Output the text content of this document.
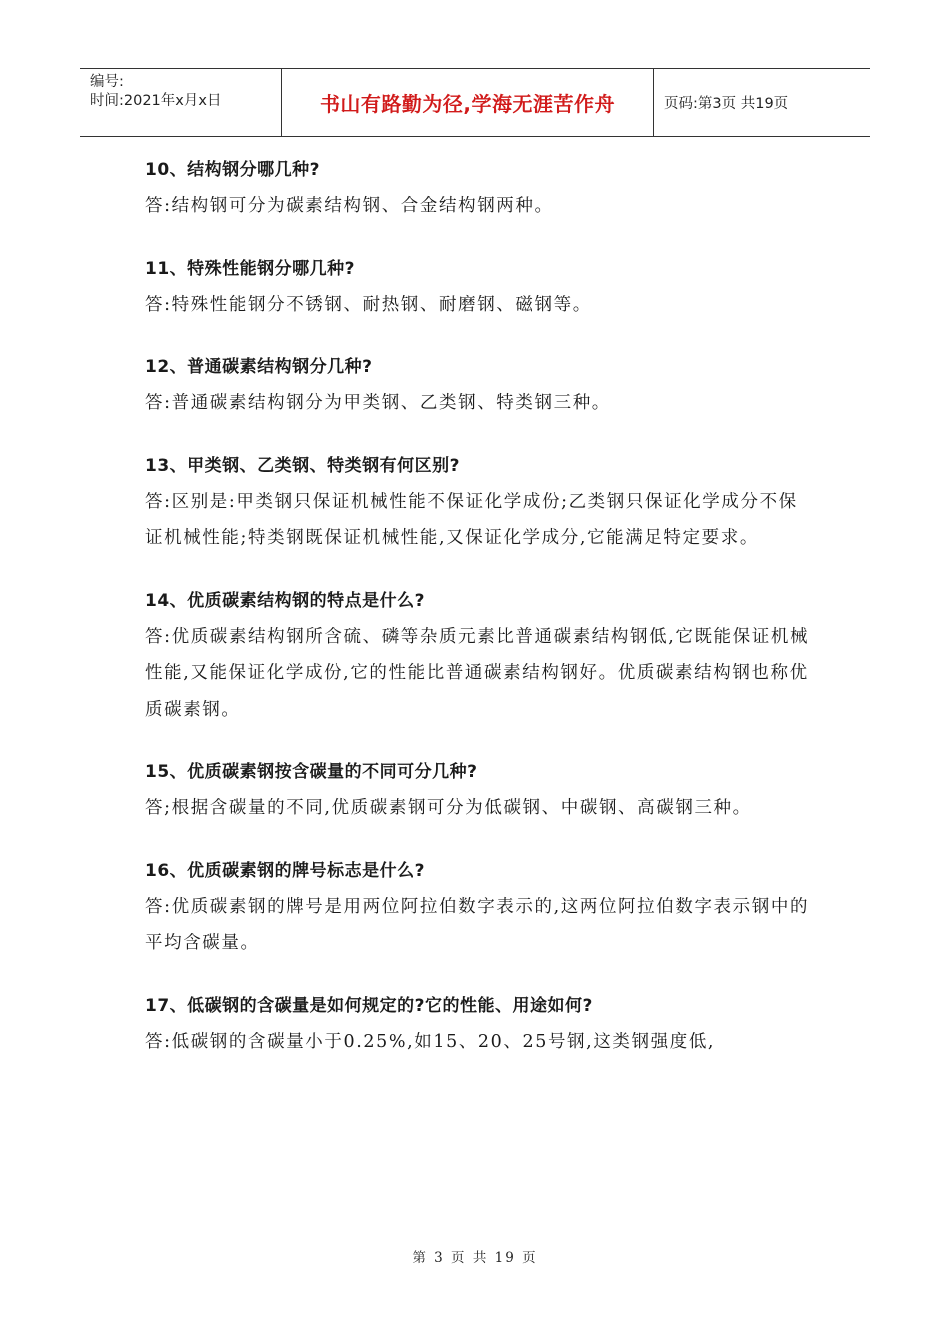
编号:
时间:2021年x月x日	书山有路勤为径,学海无涯苦作舟	页码:第3页 共19页
10、结构钢分哪几种?
答:结构钢可分为碳素结构钢、合金结构钢两种。
11、特殊性能钢分哪几种?
答:特殊性能钢分不锈钢、耐热钢、耐磨钢、磁钢等。
12、普通碳素结构钢分几种?
答:普通碳素结构钢分为甲类钢、乙类钢、特类钢三种。
13、甲类钢、乙类钢、特类钢有何区别?
答:区别是:甲类钢只保证机械性能不保证化学成份;乙类钢只保证化学成分不保证机械性能;特类钢既保证机械性能,又保证化学成分,它能满足特定要求。
14、优质碳素结构钢的特点是什么?
答:优质碳素结构钢所含硫、磷等杂质元素比普通碳素结构钢低,它既能保证机械性能,又能保证化学成份,它的性能比普通碳素结构钢好。优质碳素结构钢也称优质碳素钢。
15、优质碳素钢按含碳量的不同可分几种?
答;根据含碳量的不同,优质碳素钢可分为低碳钢、中碳钢、高碳钢三种。
16、优质碳素钢的牌号标志是什么?
答:优质碳素钢的牌号是用两位阿拉伯数字表示的,这两位阿拉伯数字表示钢中的平均含碳量。
17、低碳钢的含碳量是如何规定的?它的性能、用途如何?
答:低碳钢的含碳量小于0.25%,如15、20、25号钢,这类钢强度低,
第 3 页 共 19 页
